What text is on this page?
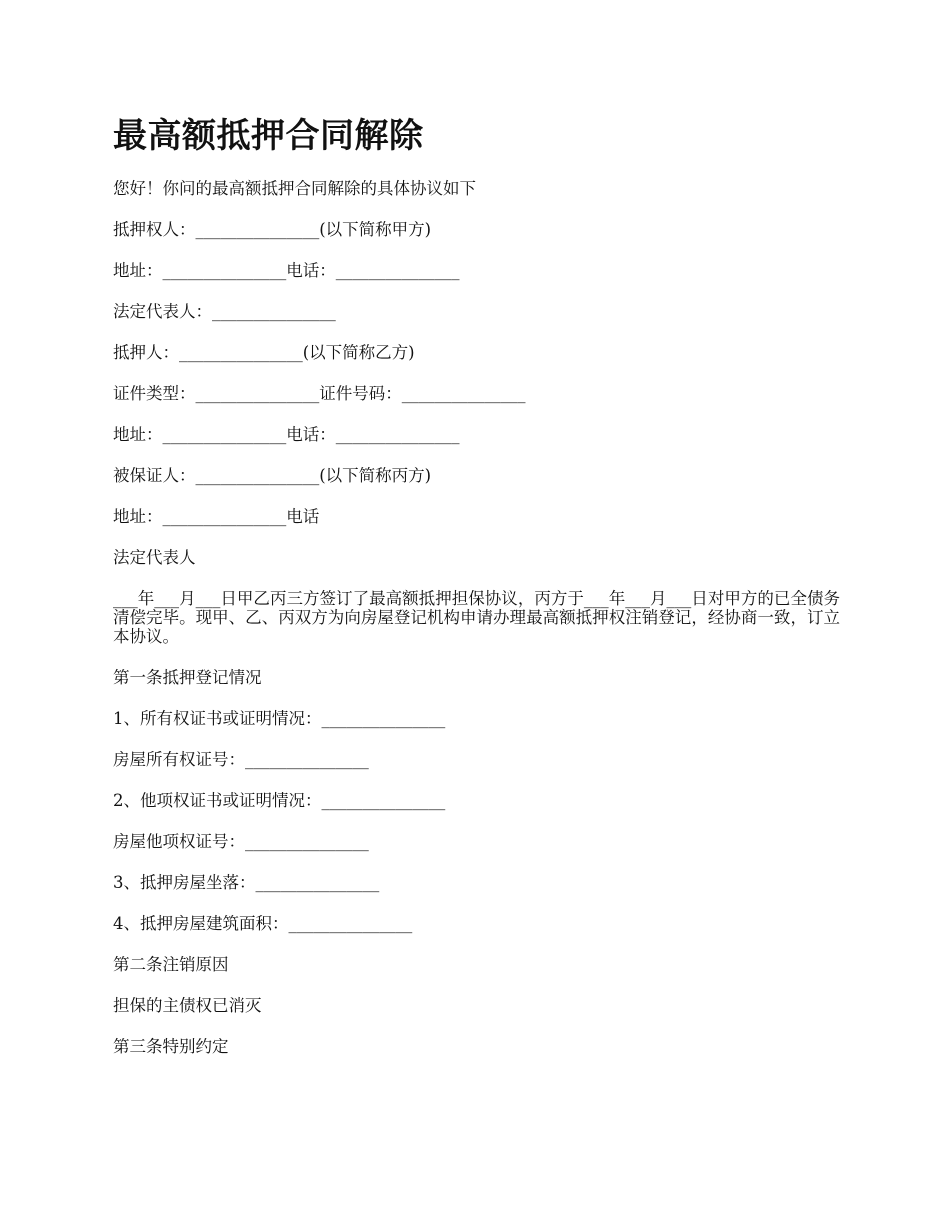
最高额抵押合同解除

您好！你问的最高额抵押合同解除的具体协议如下

抵押权人：_______________(以下简称甲方)

地址：_______________电话：_______________

法定代表人：_______________

抵押人：_______________(以下简称乙方)

证件类型：_______________证件号码：_______________

地址：_______________电话：_______________

被保证人：_______________(以下简称丙方)

地址：_______________电话

法定代表人

___年___月___日甲乙丙三方签订了最高额抵押担保协议，丙方于___年___月___日对甲方的已全债务清偿完毕。现甲、乙、丙双方为向房屋登记机构申请办理最高额抵押权注销登记，经协商一致，订立本协议。

第一条抵押登记情况

1、所有权证书或证明情况：_______________

房屋所有权证号：_______________

2、他项权证书或证明情况：_______________

房屋他项权证号：_______________

3、抵押房屋坐落：_______________

4、抵押房屋建筑面积：_______________

第二条注销原因

担保的主债权已消灭

第三条特别约定
